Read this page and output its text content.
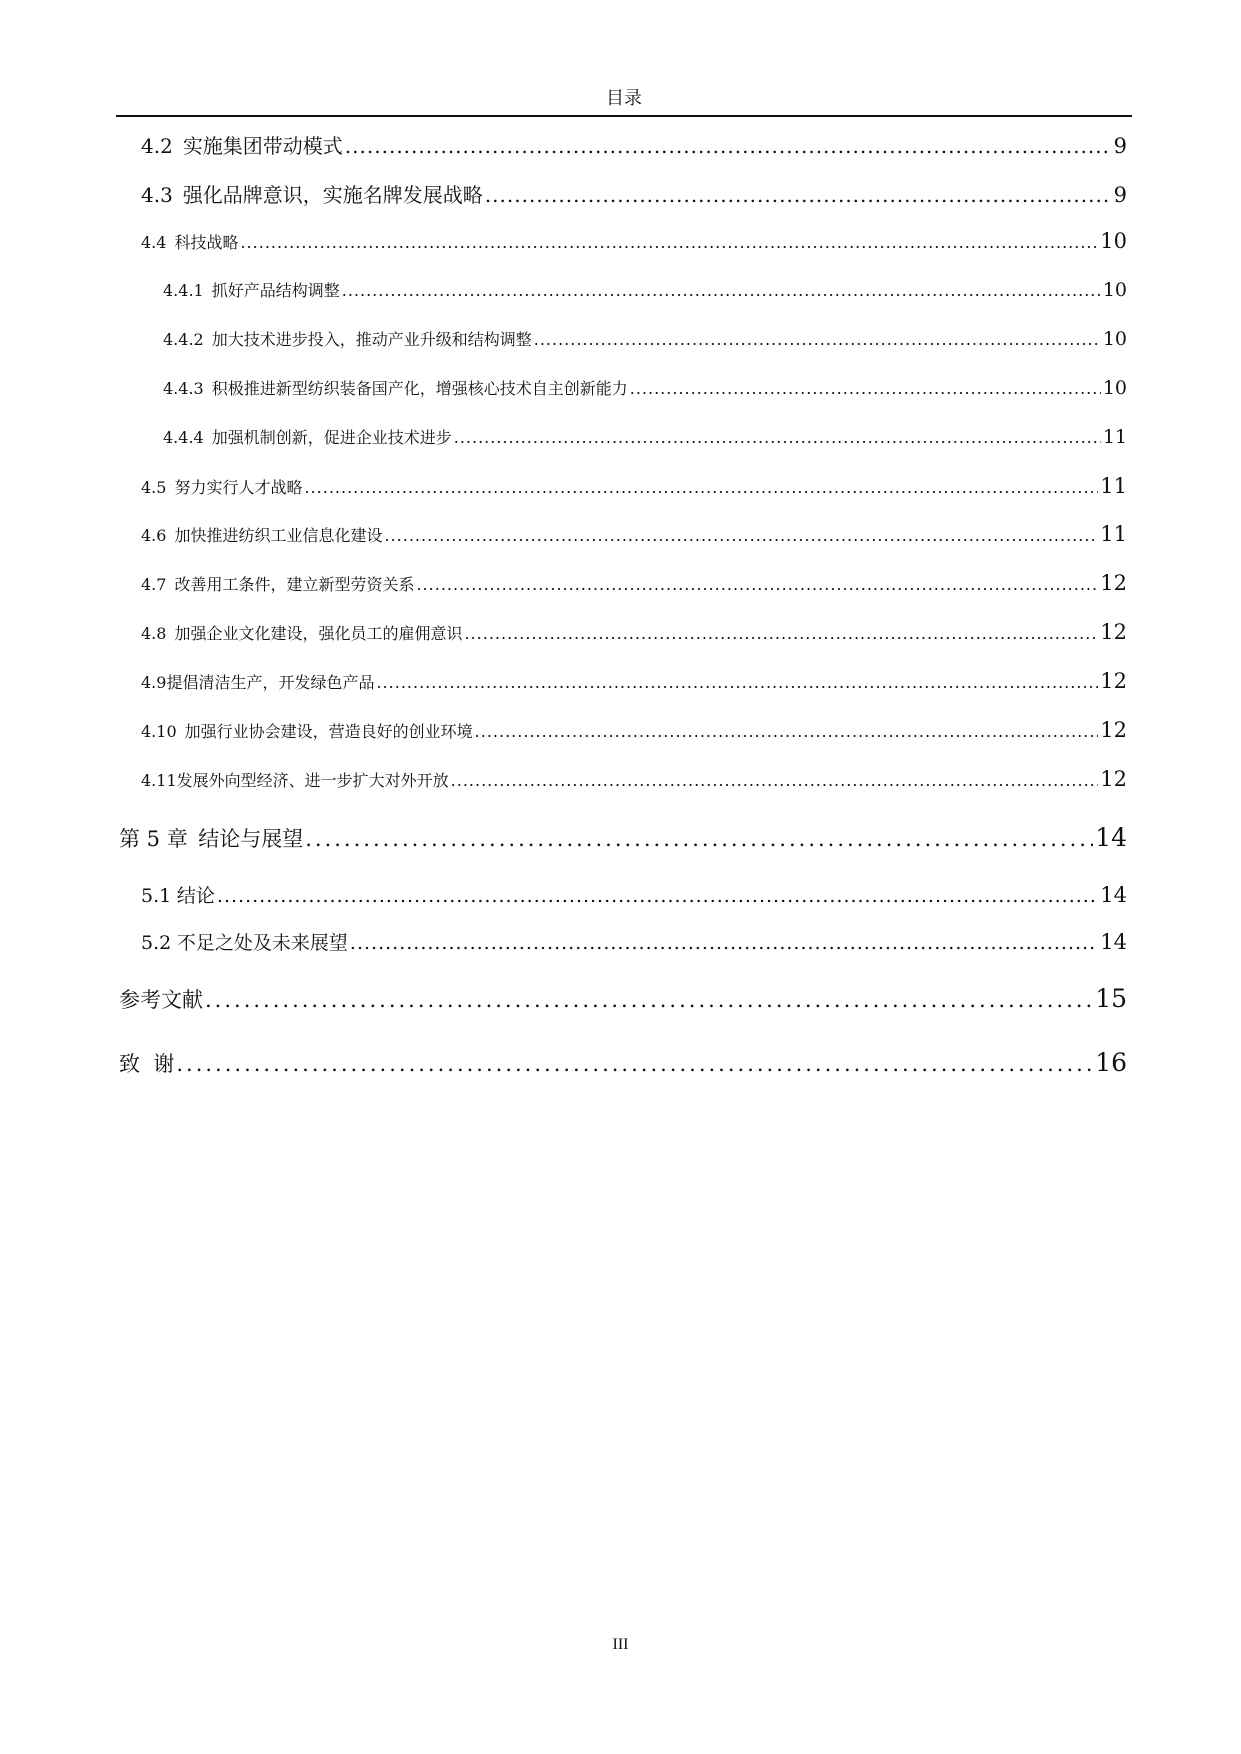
目录
4.2 实施集团带动模式 .....	9
4.3 强化品牌意识，实施名牌发展战略 .....	9
4.4 科技战略 .....	10
4.4.1 抓好产品结构调整 .....	10
4.4.2 加大技术进步投入，推动产业升级和结构调整 .....	10
4.4.3 积极推进新型纺织装备国产化，增强核心技术自主创新能力 .....	10
4.4.4 加强机制创新，促进企业技术进步 .....	11
4.5 努力实行人才战略 .....	11
4.6 加快推进纺织工业信息化建设 .....	11
4.7 改善用工条件，建立新型劳资关系 .....	12
4.8 加强企业文化建设，强化员工的雇佣意识 .....	12
4.9 提倡清洁生产，开发绿色产品 .....	12
4.10 加强行业协会建设，营造良好的创业环境 .....	12
4.11 发展外向型经济、进一步扩大对外开放 .....	12
第 5 章 结论与展望 .....	14
5.1 结论 .....	14
5.2 不足之处及未来展望 .....	14
参考文献 .....	15
致  谢 .....	16
III
